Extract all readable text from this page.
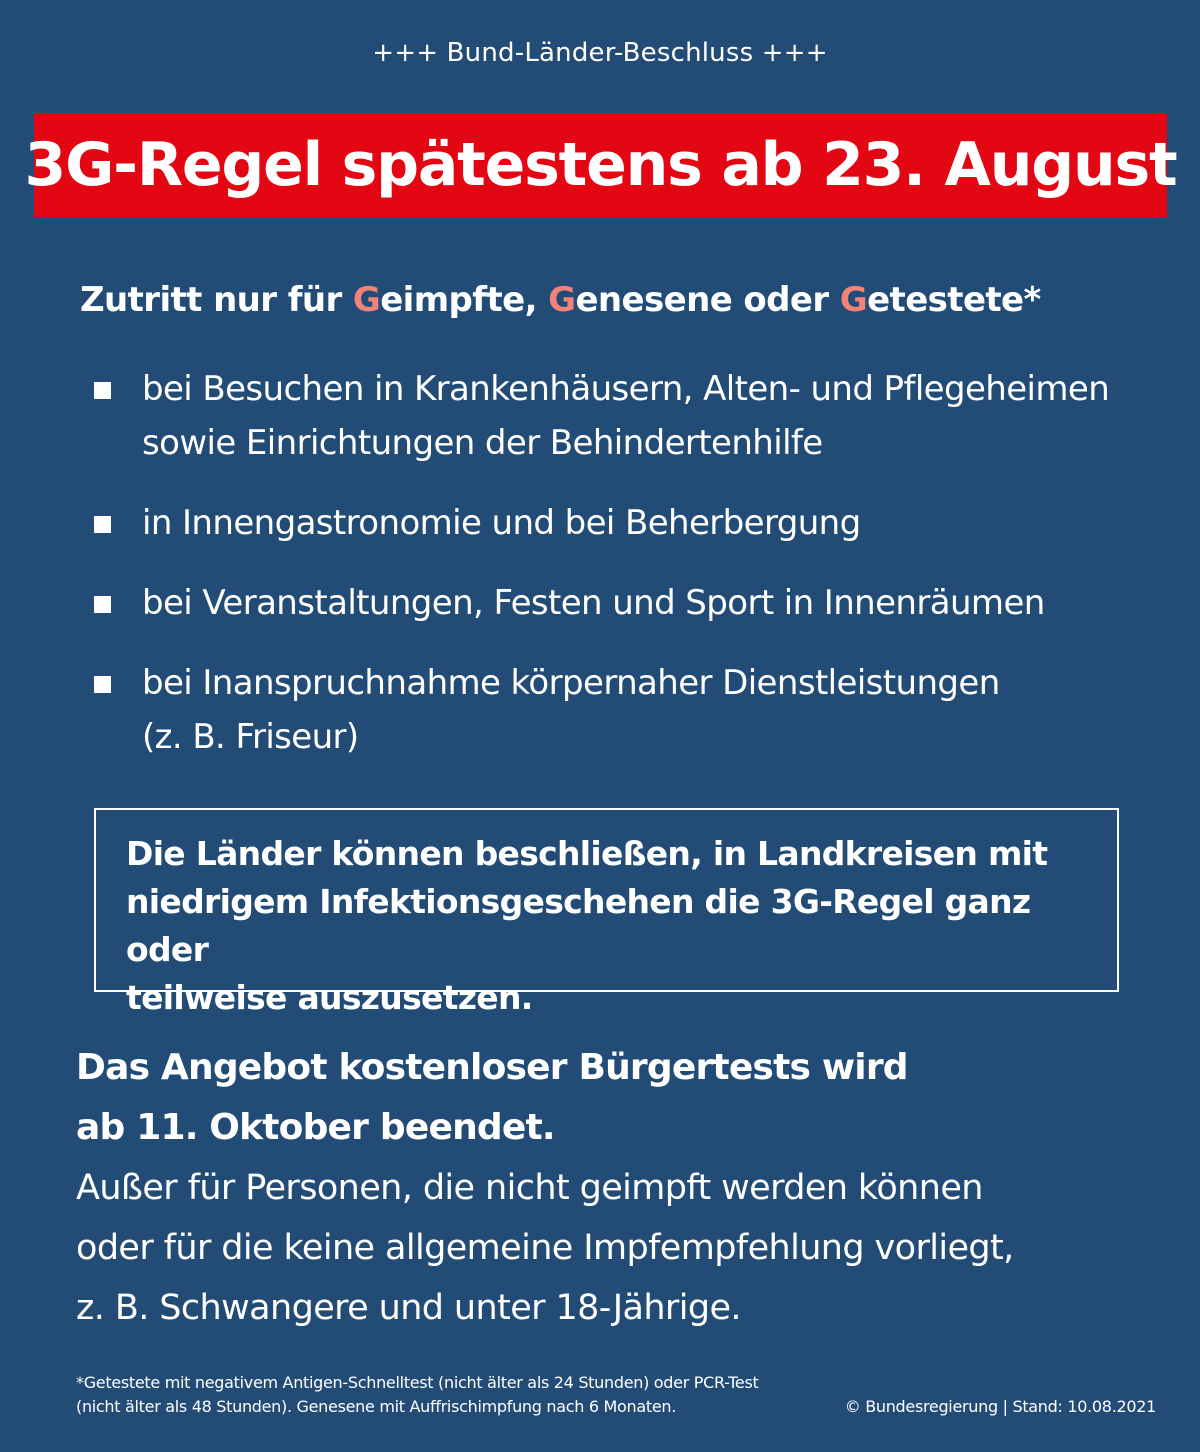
+++ Bund-Länder-Beschluss +++
3G-Regel spätestens ab 23. August
Zutritt nur für Geimpfte, Genesene oder Getestete*
bei Besuchen in Krankenhäusern, Alten- und Pflegeheimen
sowie Einrichtungen der Behindertenhilfe
in Innengastronomie und bei Beherbergung
bei Veranstaltungen, Festen und Sport in Innenräumen
bei Inanspruchnahme körpernaher Dienstleistungen
(z. B. Friseur)

Die Länder können beschließen, in Landkreisen mit

niedrigem Infektionsgeschehen die 3G-Regel ganz oder

teilweise auszusetzen.

Das Angebot kostenloser Bürgertests wird

ab 11. Oktober beendet.

Außer für Personen, die nicht geimpft werden können

oder für die keine allgemeine Impfempfehlung vorliegt,

z. B. Schwangere und unter 18-Jährige.

*Getestete mit negativem Antigen-Schnelltest (nicht älter als 24 Stunden) oder PCR-Test
(nicht älter als 48 Stunden). Genesene mit Auffrischimpfung nach 6 Monaten.	© Bundesregierung | Stand: 10.08.2021
